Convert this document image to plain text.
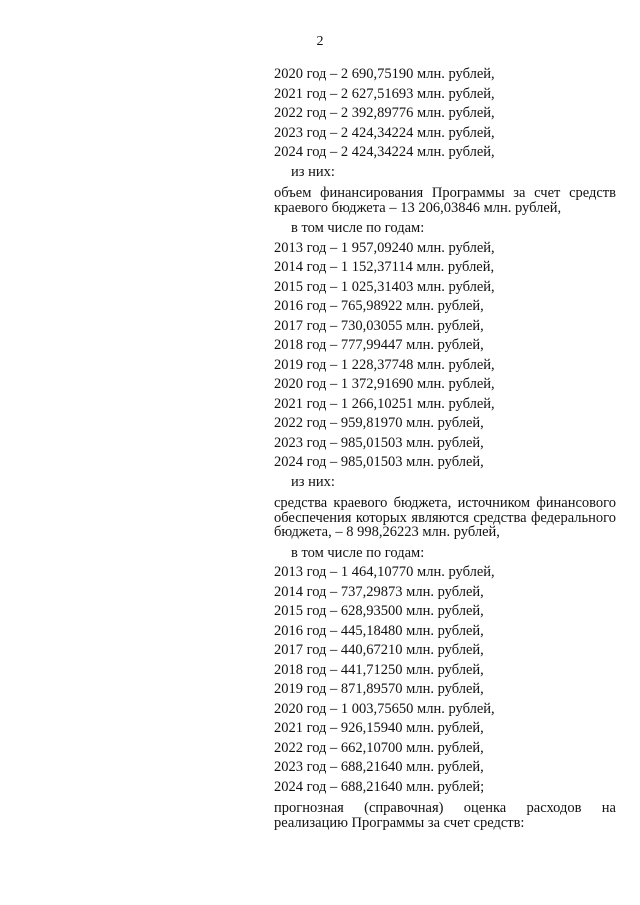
2
2020 год – 2 690,75190 млн. рублей,
2021 год – 2 627,51693 млн. рублей,
2022 год – 2 392,89776 млн. рублей,
2023 год – 2 424,34224 млн. рублей,
2024 год – 2 424,34224 млн. рублей,
из них:
объем финансирования Программы за счет средств краевого бюджета – 13 206,03846 млн. рублей,
в том числе по годам:
2013 год – 1 957,09240 млн. рублей,
2014 год – 1 152,37114 млн. рублей,
2015 год – 1 025,31403 млн. рублей,
2016 год – 765,98922 млн. рублей,
2017 год – 730,03055 млн. рублей,
2018 год – 777,99447 млн. рублей,
2019 год – 1 228,37748 млн. рублей,
2020 год – 1 372,91690 млн. рублей,
2021 год – 1 266,10251 млн. рублей,
2022 год – 959,81970 млн. рублей,
2023 год – 985,01503 млн. рублей,
2024 год – 985,01503 млн. рублей,
из них:
средства краевого бюджета, источником финансового обеспечения которых являются средства федерального бюджета, – 8 998,26223 млн. рублей,
в том числе по годам:
2013 год – 1 464,10770 млн. рублей,
2014 год – 737,29873 млн. рублей,
2015 год – 628,93500 млн. рублей,
2016 год – 445,18480 млн. рублей,
2017 год – 440,67210 млн. рублей,
2018 год – 441,71250 млн. рублей,
2019 год – 871,89570 млн. рублей,
2020 год – 1 003,75650 млн. рублей,
2021 год – 926,15940 млн. рублей,
2022 год – 662,10700 млн. рублей,
2023 год – 688,21640 млн. рублей,
2024 год – 688,21640 млн. рублей;
прогнозная (справочная) оценка расходов на реализацию Программы за счет средств:
